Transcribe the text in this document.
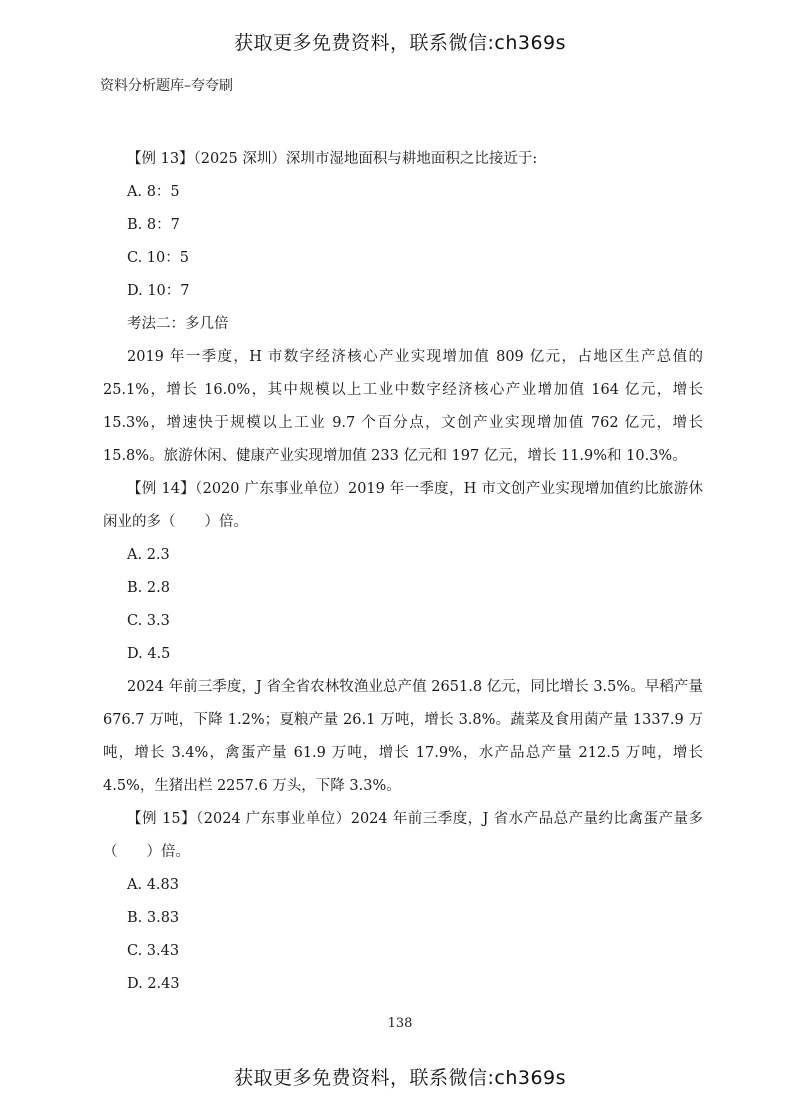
获取更多免费资料，联系微信:ch369s
资料分析题库–夸夸刷

【例 13】（2025 深圳）深圳市湿地面积与耕地面积之比接近于:

A. 8：5

B. 8：7

C. 10：5

D. 10：7

考法二：多几倍

2019 年一季度，H 市数字经济核心产业实现增加值 809 亿元，占地区生产总值的 25.1%，增长 16.0%，其中规模以上工业中数字经济核心产业增加值 164 亿元，增长 15.3%，增速快于规模以上工业 9.7 个百分点，文创产业实现增加值 762 亿元，增长 15.8%。旅游休闲、健康产业实现增加值 233 亿元和 197 亿元，增长 11.9%和 10.3%。

【例 14】（2020 广东事业单位）2019 年一季度，H 市文创产业实现增加值约比旅游休闲业的多（　　）倍。

A. 2.3

B. 2.8

C. 3.3

D. 4.5

2024 年前三季度，J 省全省农林牧渔业总产值 2651.8 亿元，同比增长 3.5%。早稻产量 676.7 万吨，下降 1.2%；夏粮产量 26.1 万吨，增长 3.8%。蔬菜及食用菌产量 1337.9 万吨，增长 3.4%，禽蛋产量 61.9 万吨，增长 17.9%，水产品总产量 212.5 万吨，增长 4.5%，生猪出栏 2257.6 万头，下降 3.3%。

【例 15】（2024 广东事业单位）2024 年前三季度，J 省水产品总产量约比禽蛋产量多（　　）倍。

A. 4.83

B. 3.83

C. 3.43

D. 2.43

138
获取更多免费资料，联系微信:ch369s
